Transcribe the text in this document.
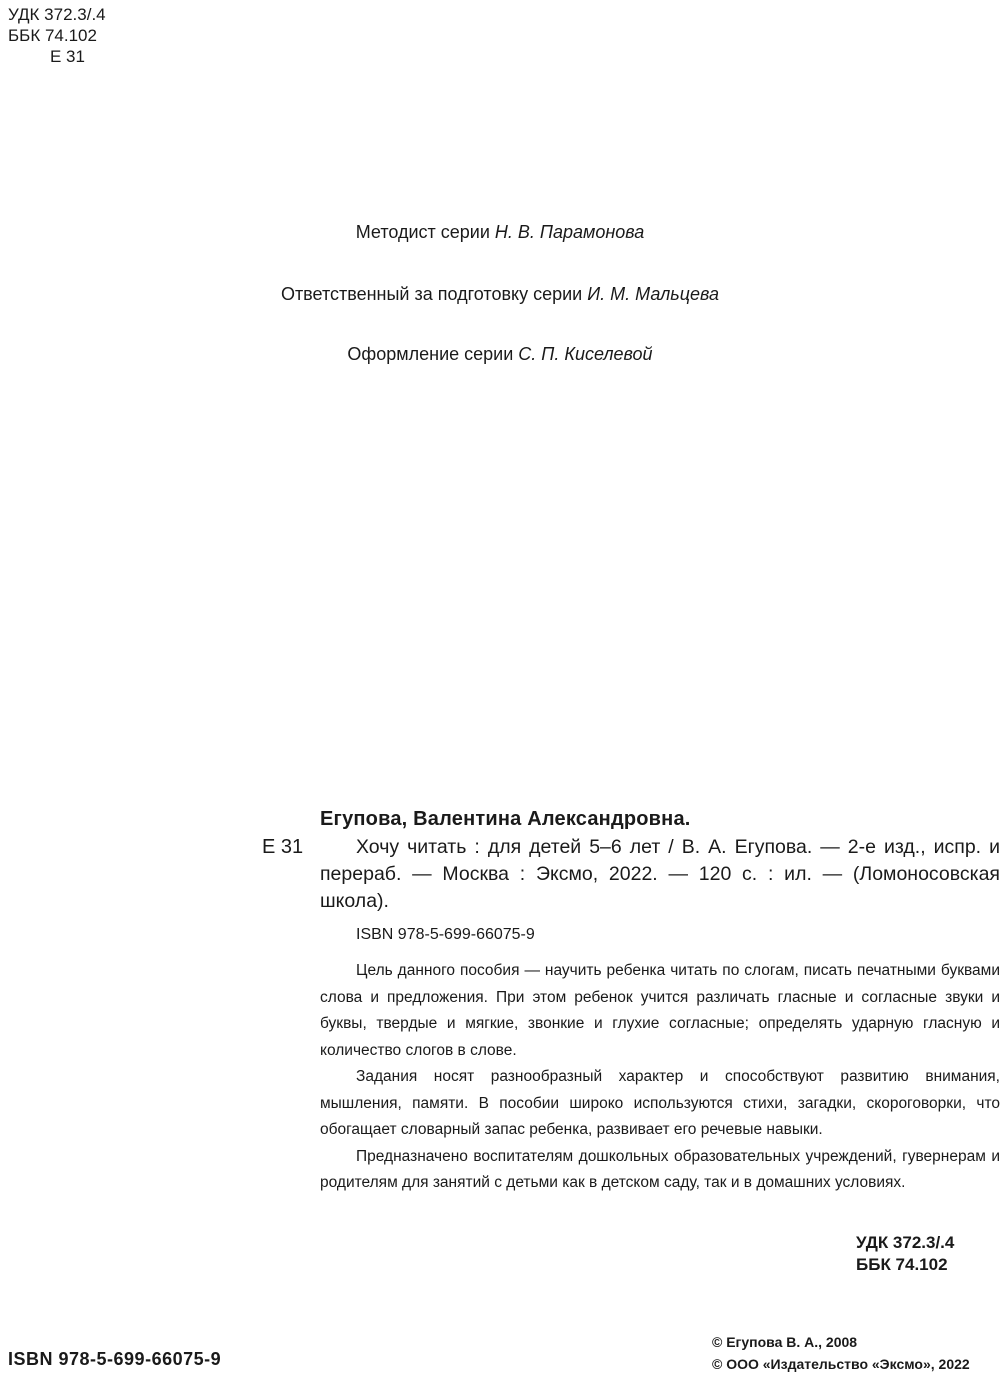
УДК 372.3/.4
ББК 74.102
Е 31
Методист серии Н. В. Парамонова
Ответственный за подготовку серии И. М. Мальцева
Оформление серии С. П. Киселевой
Егупова, Валентина Александровна.
Е 31	Хочу читать : для детей 5–6 лет / В. А. Егупова. — 2-е изд., испр. и перераб. — Москва : Эксмо, 2022. — 120 с. : ил. — (Ломоносовская школа).

ISBN 978-5-699-66075-9

Цель данного пособия — научить ребенка читать по слогам, писать печатными буквами слова и предложения. При этом ребенок учится различать гласные и согласные звуки и буквы, твердые и мягкие, звонкие и глухие согласные; определять ударную гласную и количество слогов в слове.

Задания носят разнообразный характер и способствуют развитию внимания, мышления, памяти. В пособии широко используются стихи, загадки, скороговорки, что обогащает словарный запас ребенка, развивает его речевые навыки.

Предназначено воспитателям дошкольных образовательных учреждений, гувернерам и родителям для занятий с детьми как в детском саду, так и в домашних условиях.

УДК 372.3/.4
ББК 74.102
ISBN 978-5-699-66075-9
© Егупова В. А., 2008
© ООО «Издательство «Эксмо», 2022
